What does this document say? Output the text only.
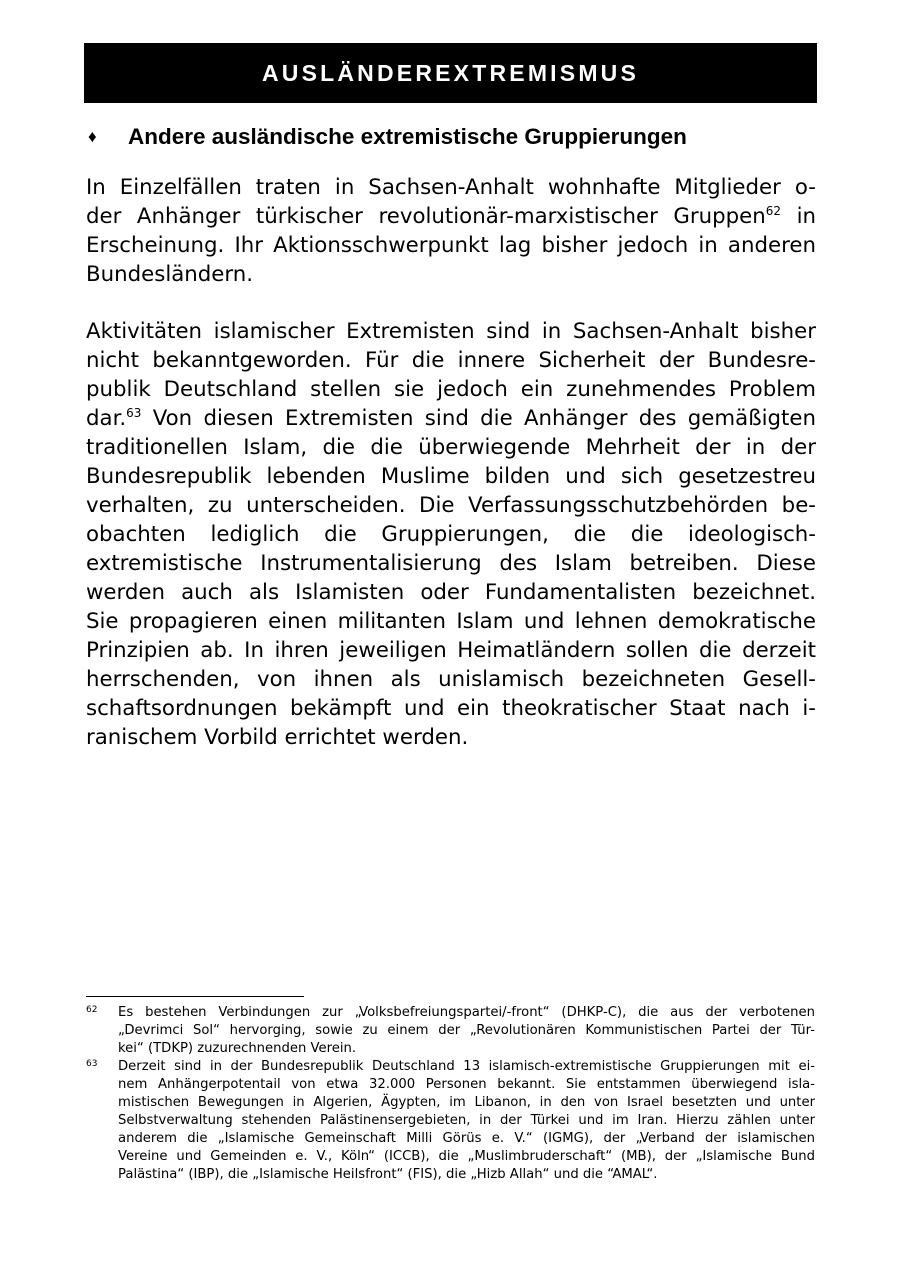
AUSLÄNDEREXTREMISMUS
♦	Andere ausländische extremistische Gruppierungen
In Einzelfällen traten in Sachsen-Anhalt wohnhafte Mitglieder o-
der Anhänger türkischer revolutionär-marxistischer Gruppen$^{62}$ in
Erscheinung. Ihr Aktionsschwerpunkt lag bisher jedoch in anderen
Bundesländern.
Aktivitäten islamischer Extremisten sind in Sachsen-Anhalt bisher
nicht bekanntgeworden. Für die innere Sicherheit der Bundesre-
publik Deutschland stellen sie jedoch ein zunehmendes Problem
dar.$^{63}$ Von diesen Extremisten sind die Anhänger des gemäßigten
traditionellen Islam, die die überwiegende Mehrheit der in der
Bundesrepublik lebenden Muslime bilden und sich gesetzestreu
verhalten, zu unterscheiden. Die Verfassungsschutzbehörden be-
obachten lediglich die Gruppierungen, die die ideologisch-
extremistische Instrumentalisierung des Islam betreiben. Diese
werden auch als Islamisten oder Fundamentalisten bezeichnet.
Sie propagieren einen militanten Islam und lehnen demokratische
Prinzipien ab. In ihren jeweiligen Heimatländern sollen die derzeit
herrschenden, von ihnen als unislamisch bezeichneten Gesell-
schaftsordnungen bekämpft und ein theokratischer Staat nach i-
ranischem Vorbild errichtet werden.
62	Es bestehen Verbindungen zur „Volksbefreiungspartei/-front“ (DHKP-C), die aus der verbotenen
„Devrimci Sol“ hervorging, sowie zu einem der „Revolutionären Kommunistischen Partei der Tür-
kei“ (TDKP) zuzurechnenden Verein.
63	Derzeit sind in der Bundesrepublik Deutschland 13 islamisch-extremistische Gruppierungen mit ei-
nem Anhängerpotentail von etwa 32.000 Personen bekannt. Sie entstammen überwiegend isla-
mistischen Bewegungen in Algerien, Ägypten, im Libanon, in den von Israel besetzten und unter
Selbstverwaltung stehenden Palästinensergebieten, in der Türkei und im Iran. Hierzu zählen unter
anderem die „Islamische Gemeinschaft Milli Görüs e. V.“ (IGMG), der „Verband der islamischen
Vereine und Gemeinden e. V., Köln“ (ICCB), die „Muslimbruderschaft“ (MB), der „Islamische Bund
Palästina“ (IBP), die „Islamische Heilsfront“ (FIS), die „Hizb Allah“ und die “AMAL“.
